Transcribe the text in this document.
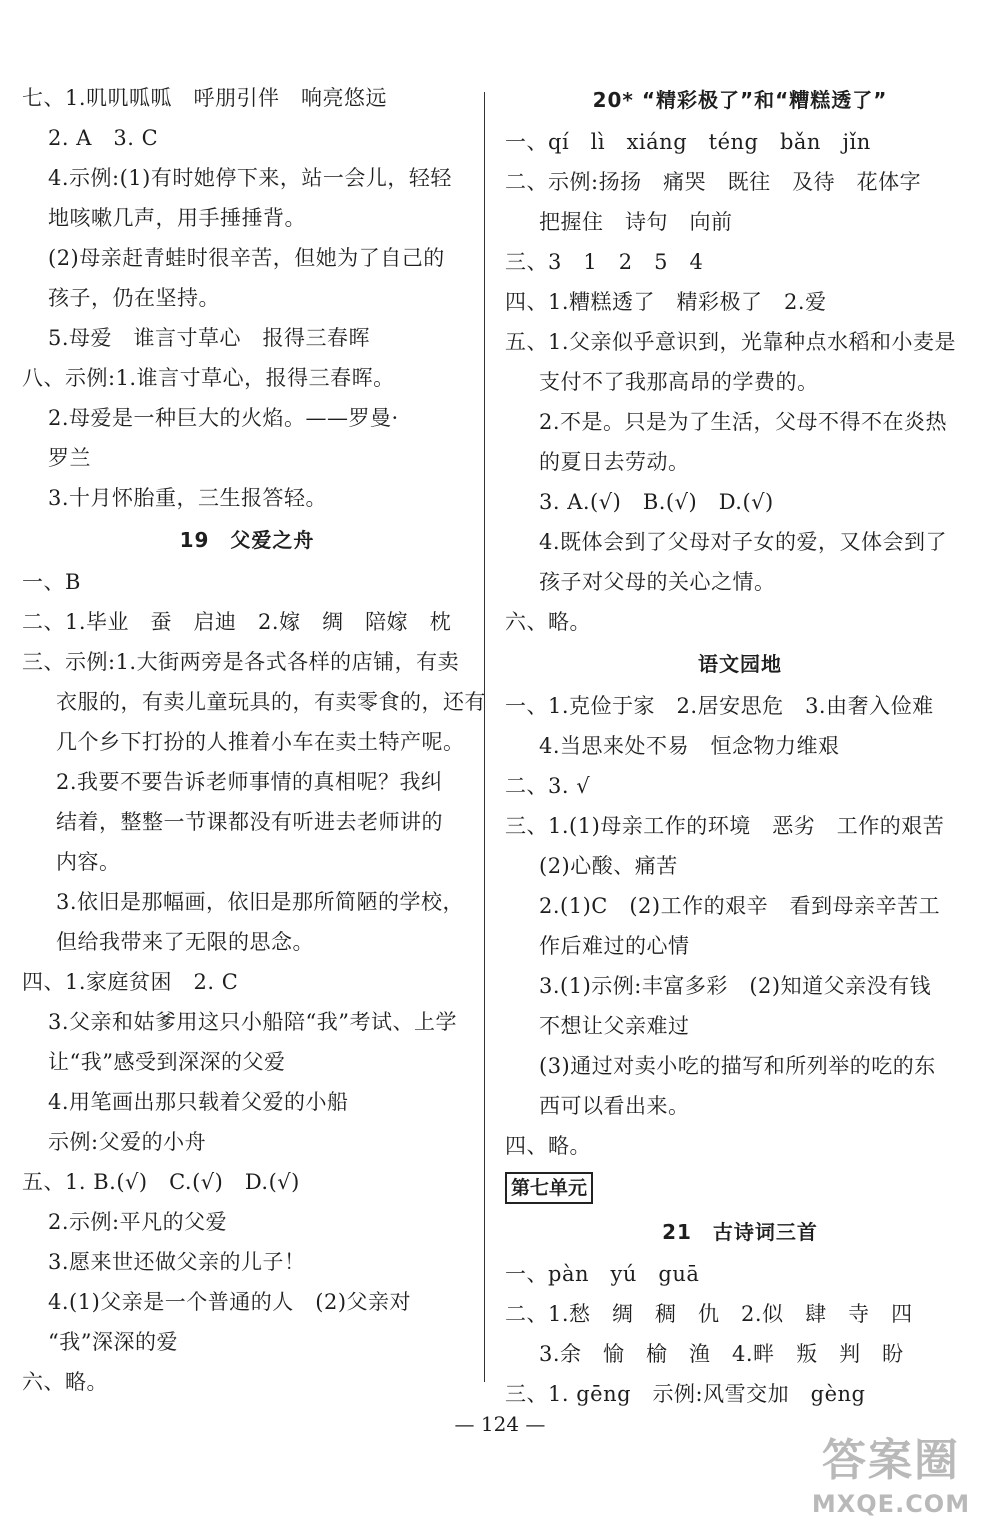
七、1.叽叽呱呱　呼朋引伴　响亮悠远
2. A　3. C
4.示例:(1)有时她停下来，站一会儿，轻轻
地咳嗽几声，用手捶捶背。
(2)母亲赶青蛙时很辛苦，但她为了自己的
孩子，仍在坚持。
5.母爱　谁言寸草心　报得三春晖
八、示例:1.谁言寸草心，报得三春晖。
2.母爱是一种巨大的火焰。——罗曼·
罗兰
3.十月怀胎重，三生报答轻。
19　父爱之舟
一、B
二、1.毕业　蚕　启迪　2.嫁　绸　陪嫁　枕
三、示例:1.大街两旁是各式各样的店铺，有卖
衣服的，有卖儿童玩具的，有卖零食的，还有
几个乡下打扮的人推着小车在卖土特产呢。
2.我要不要告诉老师事情的真相呢？我纠
结着，整整一节课都没有听进去老师讲的
内容。
3.依旧是那幅画，依旧是那所简陋的学校，
但给我带来了无限的思念。
四、1.家庭贫困　2. C
3.父亲和姑爹用这只小船陪“我”考试、上学
让“我”感受到深深的父爱
4.用笔画出那只载着父爱的小船
示例:父爱的小舟
五、1. B.(√)　C.(√)　D.(√)
2.示例:平凡的父爱
3.愿来世还做父亲的儿子！
4.(1)父亲是一个普通的人　(2)父亲对
“我”深深的爱
六、略。
20* “精彩极了”和“糟糕透了”
一、qí　lì　xiáng　téng　bǎn　jǐn
二、示例:扬扬　痛哭　既往　及待　花体字
把握住　诗句　向前
三、3　1　2　5　4
四、1.糟糕透了　精彩极了　2.爱
五、1.父亲似乎意识到，光靠种点水稻和小麦是
支付不了我那高昂的学费的。
2.不是。只是为了生活，父母不得不在炎热
的夏日去劳动。
3. A.(√)　B.(√)　D.(√)
4.既体会到了父母对子女的爱，又体会到了
孩子对父母的关心之情。
六、略。
语文园地
一、1.克俭于家　2.居安思危　3.由奢入俭难
4.当思来处不易　恒念物力维艰
二、3. √
三、1.(1)母亲工作的环境　恶劣　工作的艰苦
(2)心酸、痛苦
2.(1)C　(2)工作的艰辛　看到母亲辛苦工
作后难过的心情
3.(1)示例:丰富多彩　(2)知道父亲没有钱
不想让父亲难过
(3)通过对卖小吃的描写和所列举的吃的东
西可以看出来。
四、略。
第七单元
21　古诗词三首
一、pàn　yú　guā
二、1.愁　绸　稠　仇　2.似　肆　寺　四
3.余　愉　榆　渔　4.畔　叛　判　盼
三、1. gēng　示例:风雪交加　gèng
— 124 —
答案圈
MXQE.COM
